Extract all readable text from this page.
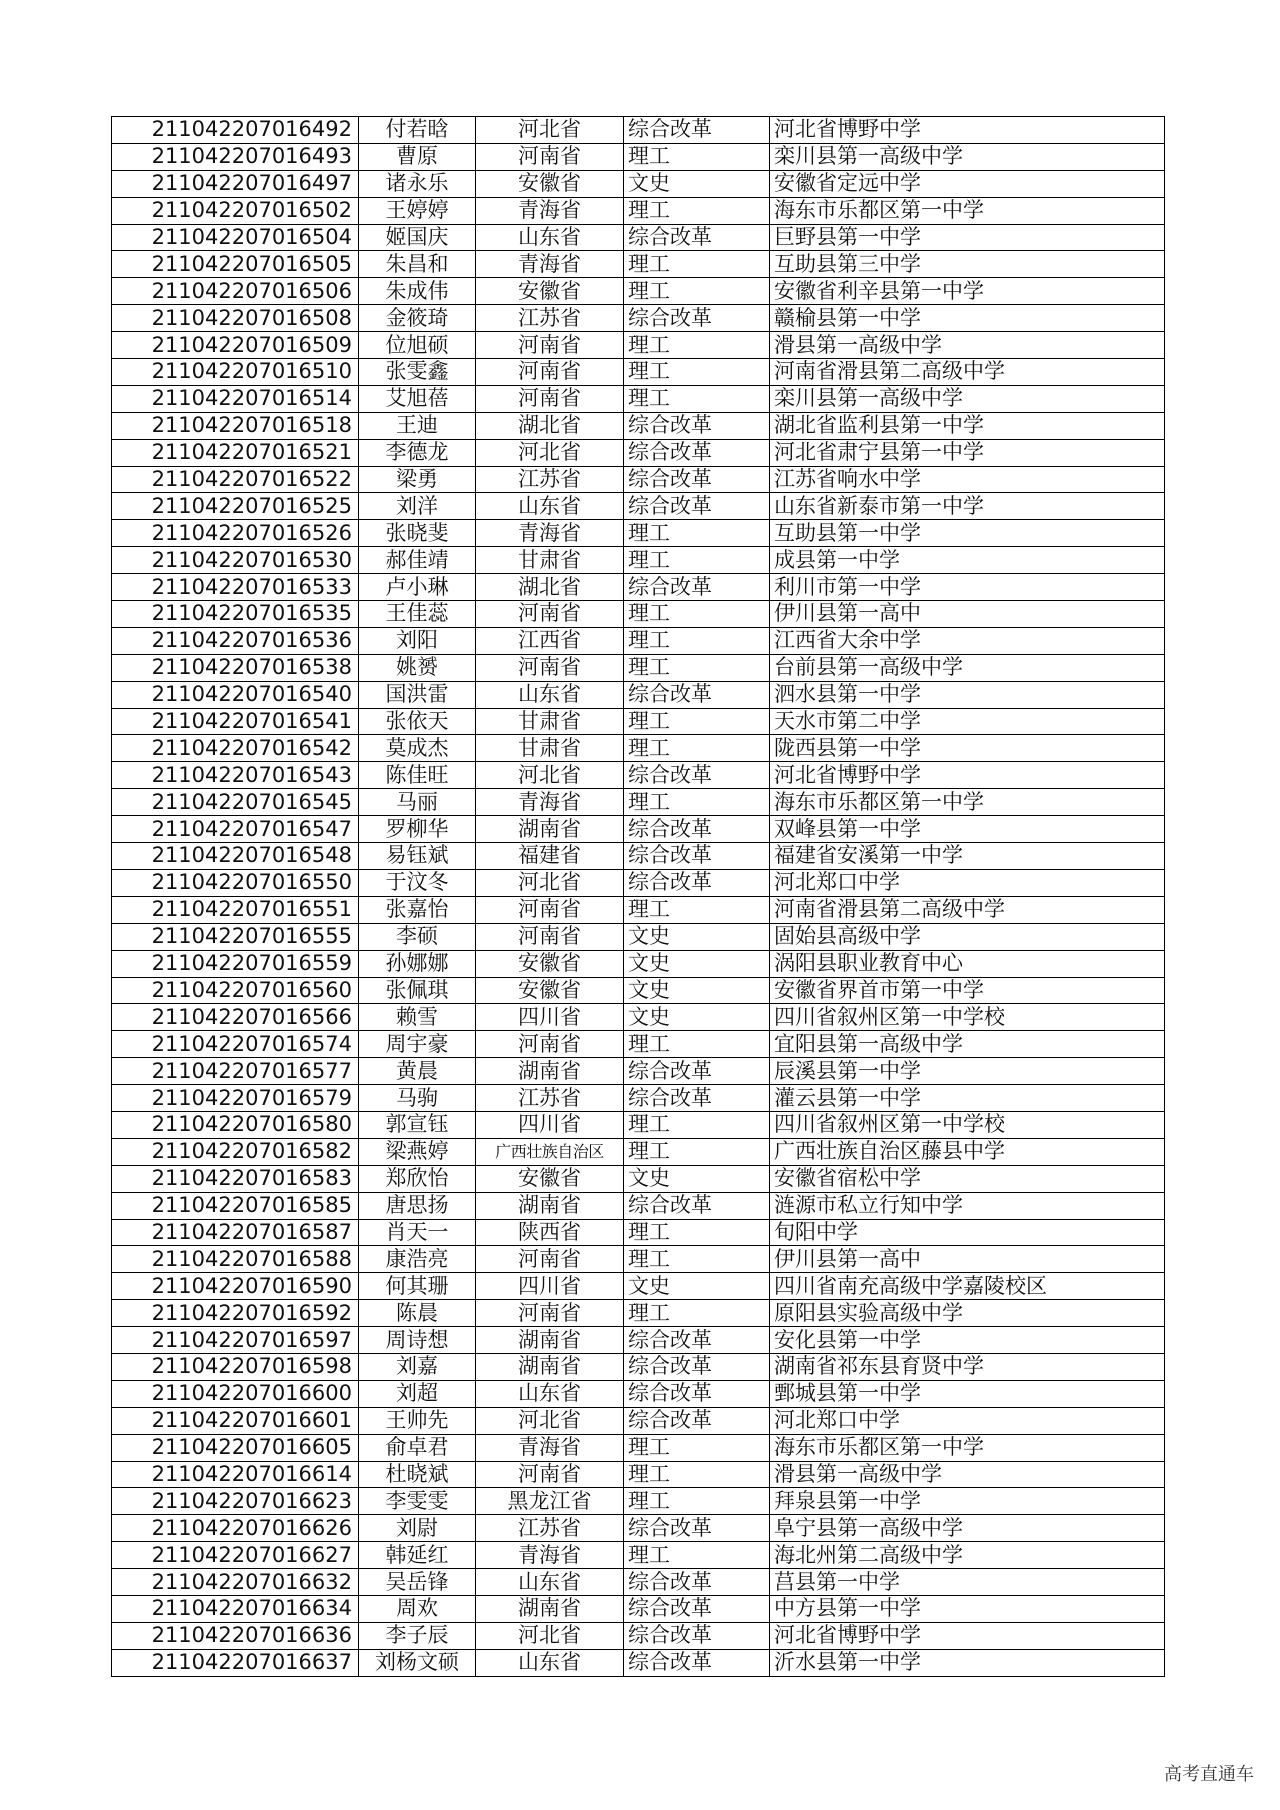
211042207016492	付若晗	河北省	综合改革	河北省博野中学
211042207016493	曹原	河南省	理工	栾川县第一高级中学
211042207016497	诸永乐	安徽省	文史	安徽省定远中学
211042207016502	王婷婷	青海省	理工	海东市乐都区第一中学
211042207016504	姬国庆	山东省	综合改革	巨野县第一中学
211042207016505	朱昌和	青海省	理工	互助县第三中学
211042207016506	朱成伟	安徽省	理工	安徽省利辛县第一中学
211042207016508	金筱琦	江苏省	综合改革	赣榆县第一中学
211042207016509	位旭硕	河南省	理工	滑县第一高级中学
211042207016510	张雯鑫	河南省	理工	河南省滑县第二高级中学
211042207016514	艾旭蓓	河南省	理工	栾川县第一高级中学
211042207016518	王迪	湖北省	综合改革	湖北省监利县第一中学
211042207016521	李德龙	河北省	综合改革	河北省肃宁县第一中学
211042207016522	梁勇	江苏省	综合改革	江苏省响水中学
211042207016525	刘洋	山东省	综合改革	山东省新泰市第一中学
211042207016526	张晓斐	青海省	理工	互助县第一中学
211042207016530	郝佳靖	甘肃省	理工	成县第一中学
211042207016533	卢小琳	湖北省	综合改革	利川市第一中学
211042207016535	王佳蕊	河南省	理工	伊川县第一高中
211042207016536	刘阳	江西省	理工	江西省大余中学
211042207016538	姚赟	河南省	理工	台前县第一高级中学
211042207016540	国洪雷	山东省	综合改革	泗水县第一中学
211042207016541	张依天	甘肃省	理工	天水市第二中学
211042207016542	莫成杰	甘肃省	理工	陇西县第一中学
211042207016543	陈佳旺	河北省	综合改革	河北省博野中学
211042207016545	马丽	青海省	理工	海东市乐都区第一中学
211042207016547	罗柳华	湖南省	综合改革	双峰县第一中学
211042207016548	易钰斌	福建省	综合改革	福建省安溪第一中学
211042207016550	于汶冬	河北省	综合改革	河北郑口中学
211042207016551	张嘉怡	河南省	理工	河南省滑县第二高级中学
211042207016555	李硕	河南省	文史	固始县高级中学
211042207016559	孙娜娜	安徽省	文史	涡阳县职业教育中心
211042207016560	张佩琪	安徽省	文史	安徽省界首市第一中学
211042207016566	赖雪	四川省	文史	四川省叙州区第一中学校
211042207016574	周宇豪	河南省	理工	宜阳县第一高级中学
211042207016577	黄晨	湖南省	综合改革	辰溪县第一中学
211042207016579	马驹	江苏省	综合改革	灌云县第一中学
211042207016580	郭宣钰	四川省	理工	四川省叙州区第一中学校
211042207016582	梁燕婷	广西壮族自治区	理工	广西壮族自治区藤县中学
211042207016583	郑欣怡	安徽省	文史	安徽省宿松中学
211042207016585	唐思扬	湖南省	综合改革	涟源市私立行知中学
211042207016587	肖天一	陕西省	理工	旬阳中学
211042207016588	康浩亮	河南省	理工	伊川县第一高中
211042207016590	何其珊	四川省	文史	四川省南充高级中学嘉陵校区
211042207016592	陈晨	河南省	理工	原阳县实验高级中学
211042207016597	周诗想	湖南省	综合改革	安化县第一中学
211042207016598	刘嘉	湖南省	综合改革	湖南省祁东县育贤中学
211042207016600	刘超	山东省	综合改革	鄄城县第一中学
211042207016601	王帅先	河北省	综合改革	河北郑口中学
211042207016605	俞卓君	青海省	理工	海东市乐都区第一中学
211042207016614	杜晓斌	河南省	理工	滑县第一高级中学
211042207016623	李雯雯	黑龙江省	理工	拜泉县第一中学
211042207016626	刘尉	江苏省	综合改革	阜宁县第一高级中学
211042207016627	韩延红	青海省	理工	海北州第二高级中学
211042207016632	吴岳锋	山东省	综合改革	莒县第一中学
211042207016634	周欢	湖南省	综合改革	中方县第一中学
211042207016636	李子辰	河北省	综合改革	河北省博野中学
211042207016637	刘杨文硕	山东省	综合改革	沂水县第一中学
高考直通车
